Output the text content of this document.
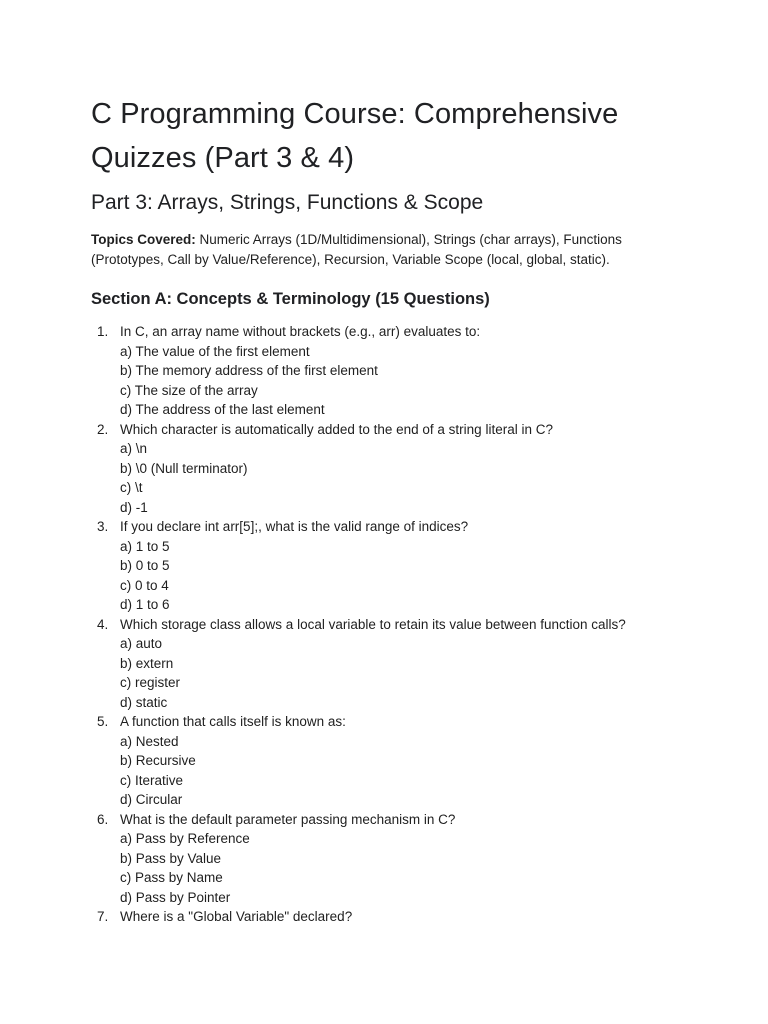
C Programming Course: Comprehensive Quizzes (Part 3 & 4)
Part 3: Arrays, Strings, Functions & Scope

Topics Covered: Numeric Arrays (1D/Multidimensional), Strings (char arrays), Functions (Prototypes, Call by Value/Reference), Recursion, Variable Scope (local, global, static).

Section A: Concepts & Terminology (15 Questions)
1. In C, an array name without brackets (e.g., arr) evaluates to:
a) The value of the first element
b) The memory address of the first element
c) The size of the array
d) The address of the last element
2. Which character is automatically added to the end of a string literal in C?
a) \n
b) \0 (Null terminator)
c) \t
d) -1
3. If you declare int arr[5];, what is the valid range of indices?
a) 1 to 5
b) 0 to 5
c) 0 to 4
d) 1 to 6
4. Which storage class allows a local variable to retain its value between function calls?
a) auto
b) extern
c) register
d) static
5. A function that calls itself is known as:
a) Nested
b) Recursive
c) Iterative
d) Circular
6. What is the default parameter passing mechanism in C?
a) Pass by Reference
b) Pass by Value
c) Pass by Name
d) Pass by Pointer
7. Where is a "Global Variable" declared?
